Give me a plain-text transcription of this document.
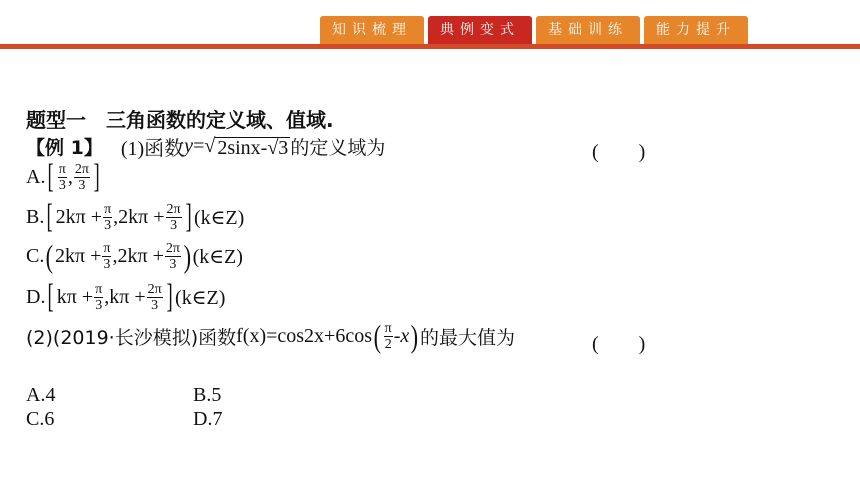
知识梳理	典例变式	基础训练	能力提升
题型一　三角函数的定义域、值域.
【例 1】 (1)函数 y = √ 2sinx-√3 的定义域为	(　　)
A. [ $\frac{\pi}{3}$ , $\frac{2\pi}{3}$ ]
B. [ $2k\pi + \frac{\pi}{3} ,2k\pi + \frac{2\pi}{3}$ ] (k∈Z)
C. ( $2k\pi + \frac{\pi}{3} ,2k\pi + \frac{2\pi}{3}$ ) (k∈Z)
D. [ $k\pi + \frac{\pi}{3} ,k\pi + \frac{2\pi}{3}$ ] (k∈Z)
(2)(2019·长沙模拟)函数 f(x)=cos2x+6cos ( $\frac{\pi}{2} -x$ ) 的最大值为	(　　)
A.4	B.5
C.6	D.7
